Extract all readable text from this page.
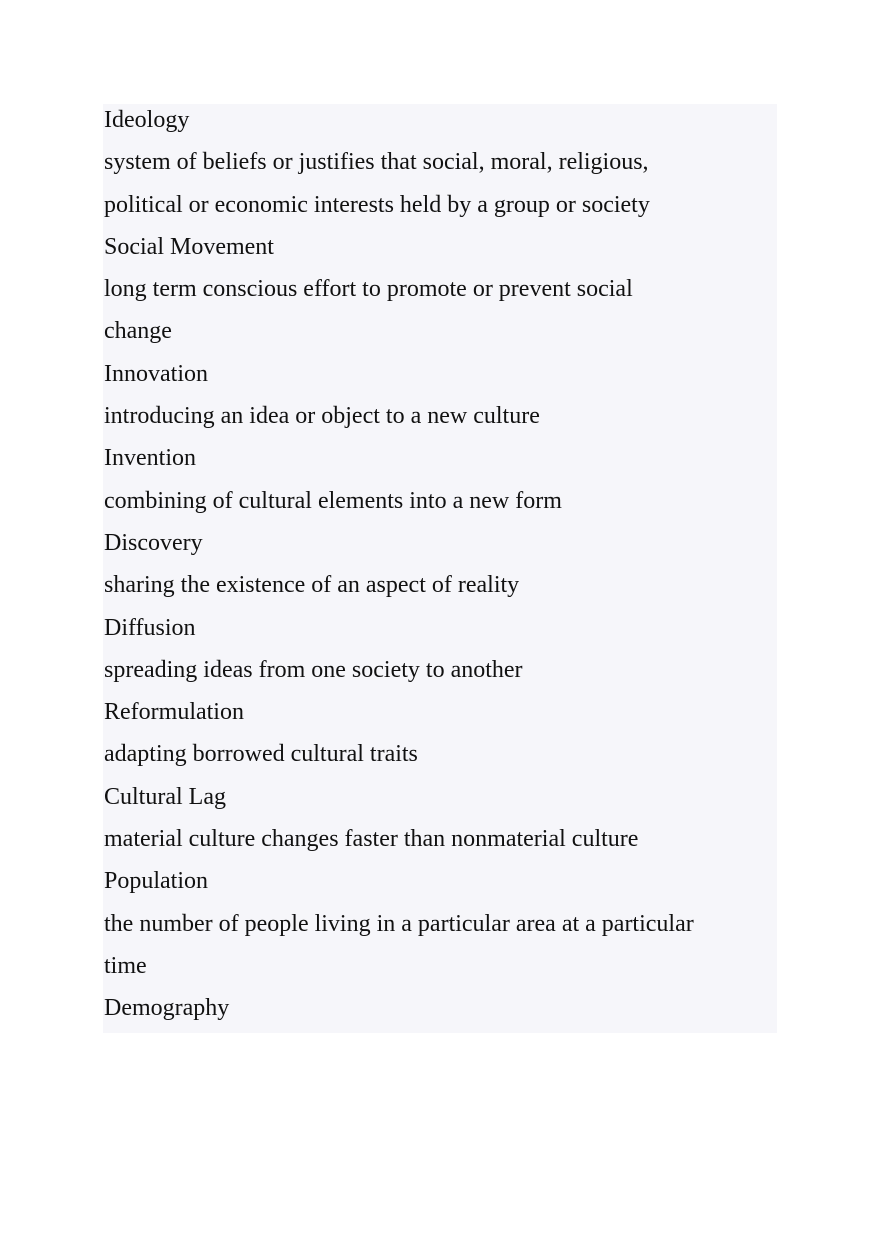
Ideology
system of beliefs or justifies that social, moral, religious,
political or economic interests held by a group or society
Social Movement
long term conscious effort to promote or prevent social
change
Innovation
introducing an idea or object to a new culture
Invention
combining of cultural elements into a new form
Discovery
sharing the existence of an aspect of reality
Diffusion
spreading ideas from one society to another
Reformulation
adapting borrowed cultural traits
Cultural Lag
material culture changes faster than nonmaterial culture
Population
the number of people living in a particular area at a particular
time
Demography
